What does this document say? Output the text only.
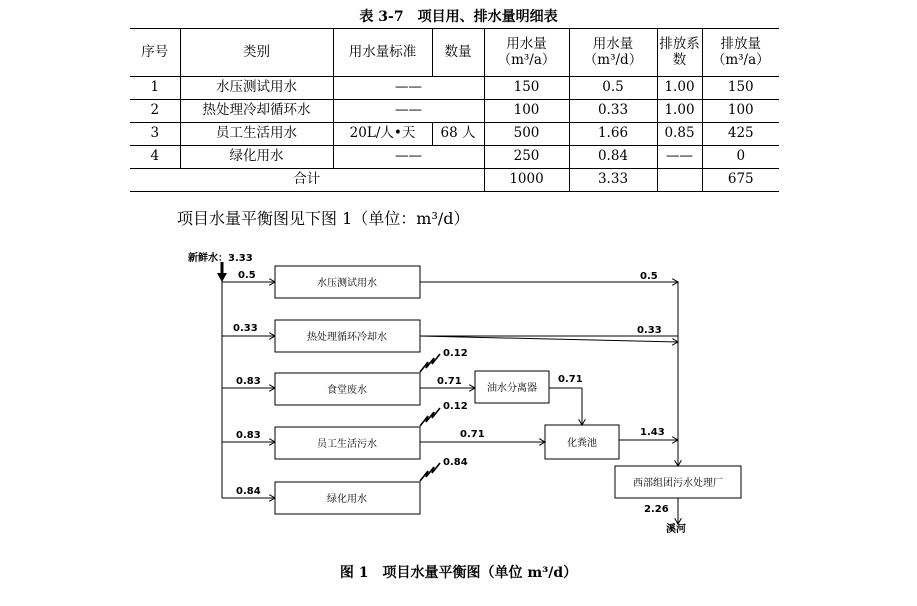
表 3-7　项目用、排水量明细表
序号	类别	用水量标准	数量	用水量（m³/a）	用水量（m³/d）	排放系数	排放量（m³/a）
1	水压测试用水	——		150	0.5	1.00	150
2	热处理冷却循环水	——		100	0.33	1.00	100
3	员工生活用水	20L/人•天	68 人	500	1.66	0.85	425
4	绿化用水	——		250	0.84	——	0
合计				1000	3.33		675
项目水量平衡图见下图 1（单位：m³/d）
新鲜水：3.33
0.5
0.33
0.83
0.83
0.84
水压测试用水
热处理循环冷却水
食堂废水	油水分离器
员工生活污水	化粪池
绿化用水
西部组团污水处理厂
0.5
0.33
0.71	0.71
0.71	1.43
2.26
溪河
0.12
0.12
0.84
图 1　项目水量平衡图（单位 m³/d）
